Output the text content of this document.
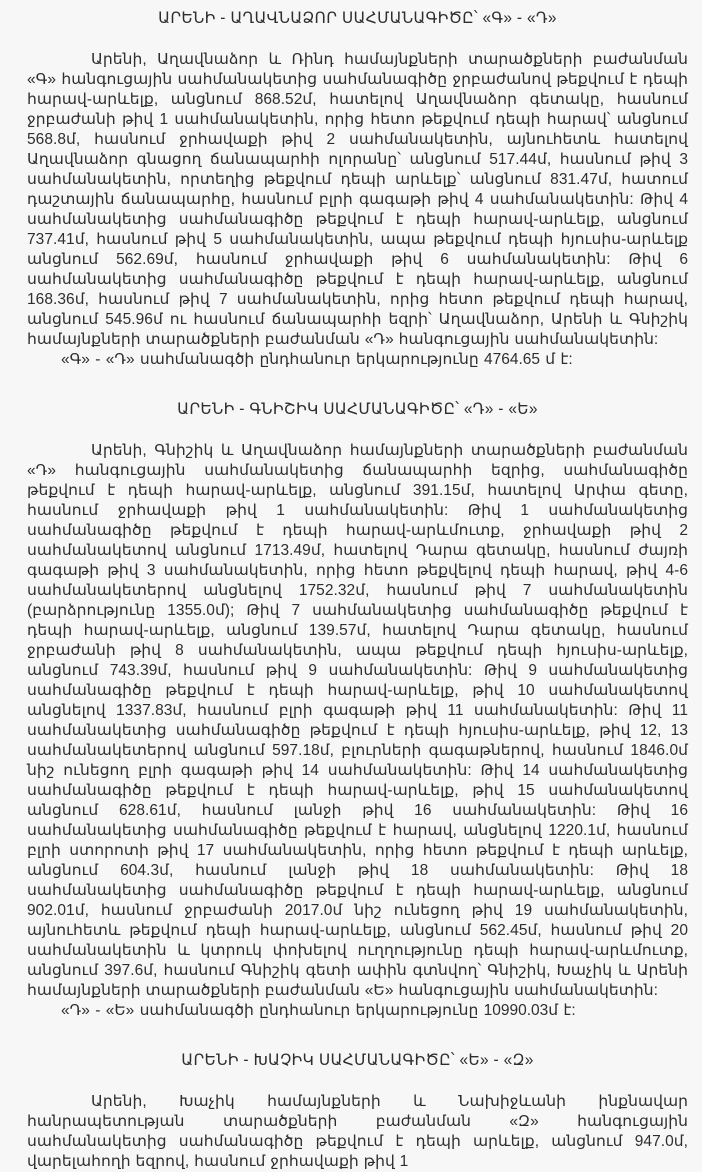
ԱՐԵՆԻ - ԱՂԱՎՆԱՁՈՐ ՍԱՀՄԱՆԱԳԻԾԸ՝ «Գ» - «Դ»

Արենի, Աղավնաձոր և Ռինդ համայնքների տարածքների բաժանման «Գ» հանգուցային սահմանակետից սահմանագիծը ջրբաժանով թեքվում է դեպի հարավ-արևելք, անցնում 868.52մ, հատելով Աղավնաձոր գետակը, հասնում ջրբաժանի թիվ 1 սահմանակետին, որից հետո թեքվում դեպի հարավ՝ անցնում 568.8մ, հասնում ջրհավաքի թիվ 2 սահմանակետին, այնուհետև հատելով Աղավնաձոր գնացող ճանապարհի ոլորանը՝ անցնում 517.44մ, հասնում թիվ 3 սահմանակետին, որտեղից թեքվում դեպի արևելք՝ անցնում 831.47մ, հատում դաշտային ճանապարհը, հասնում բլրի գագաթի թիվ 4 սահմանակետին: Թիվ 4 սահմանակետից սահմանագիծը թեքվում է դեպի հարավ-արևելք, անցնում 737.41մ, հասնում թիվ 5 սահմանակետին, ապա թեքվում դեպի հյուսիս-արևելք անցնում 562.69մ, հասնում ջրհավաքի թիվ 6 սահմանակետին: Թիվ 6 սահմանակետից սահմանագիծը թեքվում է դեպի հարավ-արևելք, անցնում 168.36մ, հասնում թիվ 7 սահմանակետին, որից հետո թեքվում դեպի հարավ, անցնում 545.96մ ու հասնում ճանապարհի եզրի՝ Աղավնաձոր, Արենի և Գնիշիկ համայնքների տարածքների բաժանման «Դ» հանգուցային սահմանակետին:

«Գ» - «Դ» սահմանագծի ընդհանուր երկարությունը 4764.65 մ է:

ԱՐԵՆԻ - ԳՆԻՇԻԿ ՍԱՀՄԱՆԱԳԻԾԸ՝ «Դ» - «Ե»

Արենի, Գնիշիկ և Աղավնաձոր համայնքների տարածքների բաժանման «Դ» հանգուցային սահմանակետից ճանապարհի եզրից, սահմանագիծը թեքվում է դեպի հարավ-արևելք, անցնում 391.15մ, հատելով Արփա գետը, հասնում ջրհավաքի թիվ 1 սահմանակետին: Թիվ 1 սահմանակետից սահմանագիծը թեքվում է դեպի հարավ-արևմուտք, ջրհավաքի թիվ 2 սահմանակետով անցնում 1713.49մ, հատելով Դարա գետակը, հասնում ժայռի գագաթի թիվ 3 սահմանակետին, որից հետո թեքվելով դեպի հարավ, թիվ 4-6 սահմանակետերով անցնելով 1752.32մ, հասնում թիվ 7 սահմանակետին (բարձրությունը 1355.0մ); Թիվ 7 սահմանակետից սահմանագիծը թեքվում է դեպի հարավ-արևելք, անցնում 139.57մ, հատելով Դարա գետակը, հասնում ջրբաժանի թիվ 8 սահմանակետին, ապա թեքվում դեպի հյուսիս-արևելք, անցնում 743.39մ, հասնում թիվ 9 սահմանակետին: Թիվ 9 սահմանակետից սահմանագիծը թեքվում է դեպի հարավ-արևելք, թիվ 10 սահմանակետով անցնելով 1337.83մ, հասնում բլրի գագաթի թիվ 11 սահմանակետին: Թիվ 11 սահմանակետից սահմանագիծը թեքվում է դեպի հյուսիս-արևելք, թիվ 12, 13 սահմանակետերով անցնում 597.18մ, բլուրների գագաթներով, հասնում 1846.0մ նիշ ունեցող բլրի գագաթի թիվ 14 սահմանակետին: Թիվ 14 սահմանակետից սահմանագիծը թեքվում է դեպի հարավ-արևելք, թիվ 15 սահմանակետով անցնում 628.61մ, հասնում լանջի թիվ 16 սահմանակետին: Թիվ 16 սահմանակետից սահմանագիծը թեքվում է հարավ, անցնելով 1220.1մ, հասնում բլրի ստորոտի թիվ 17 սահմանակետին, որից հետո թեքվում է դեպի արևելք, անցնում 604.3մ, հասնում լանջի թիվ 18 սահմանակետին: Թիվ 18 սահմանակետից սահմանագիծը թեքվում է դեպի հարավ-արևելք, անցնում 902.01մ, հասնում ջրբաժանի 2017.0մ նիշ ունեցող թիվ 19 սահմանակետին, այնուհետև թեքվում դեպի հարավ-արևելք, անցնում 562.45մ, հասնում թիվ 20 սահմանակետին և կտրուկ փոխելով ուղղությունը դեպի հարավ-արևմուտք, անցնում 397.6մ, հասնում Գնիշիկ գետի ափին գտնվող՝ Գնիշիկ, Խաչիկ և Արենի համայնքների տարածքների բաժանման «Ե» հանգուցային սահմանակետին:

«Դ» - «Ե» սահմանագծի ընդհանուր երկարությունը 10990.03մ է:

ԱՐԵՆԻ - ԽԱՉԻԿ ՍԱՀՄԱՆԱԳԻԾԸ՝ «Ե» - «Զ»

Արենի, Խաչիկ համայնքների և Նախիջևանի ինքնավար հանրապետության տարածքների բաժանման «Զ» հանգուցային սահմանակետից սահմանագիծը թեքվում է դեպի արևելք, անցնում 947.0մ, վարելահողի եզրով, հասնում ջրհավաքի թիվ 1
